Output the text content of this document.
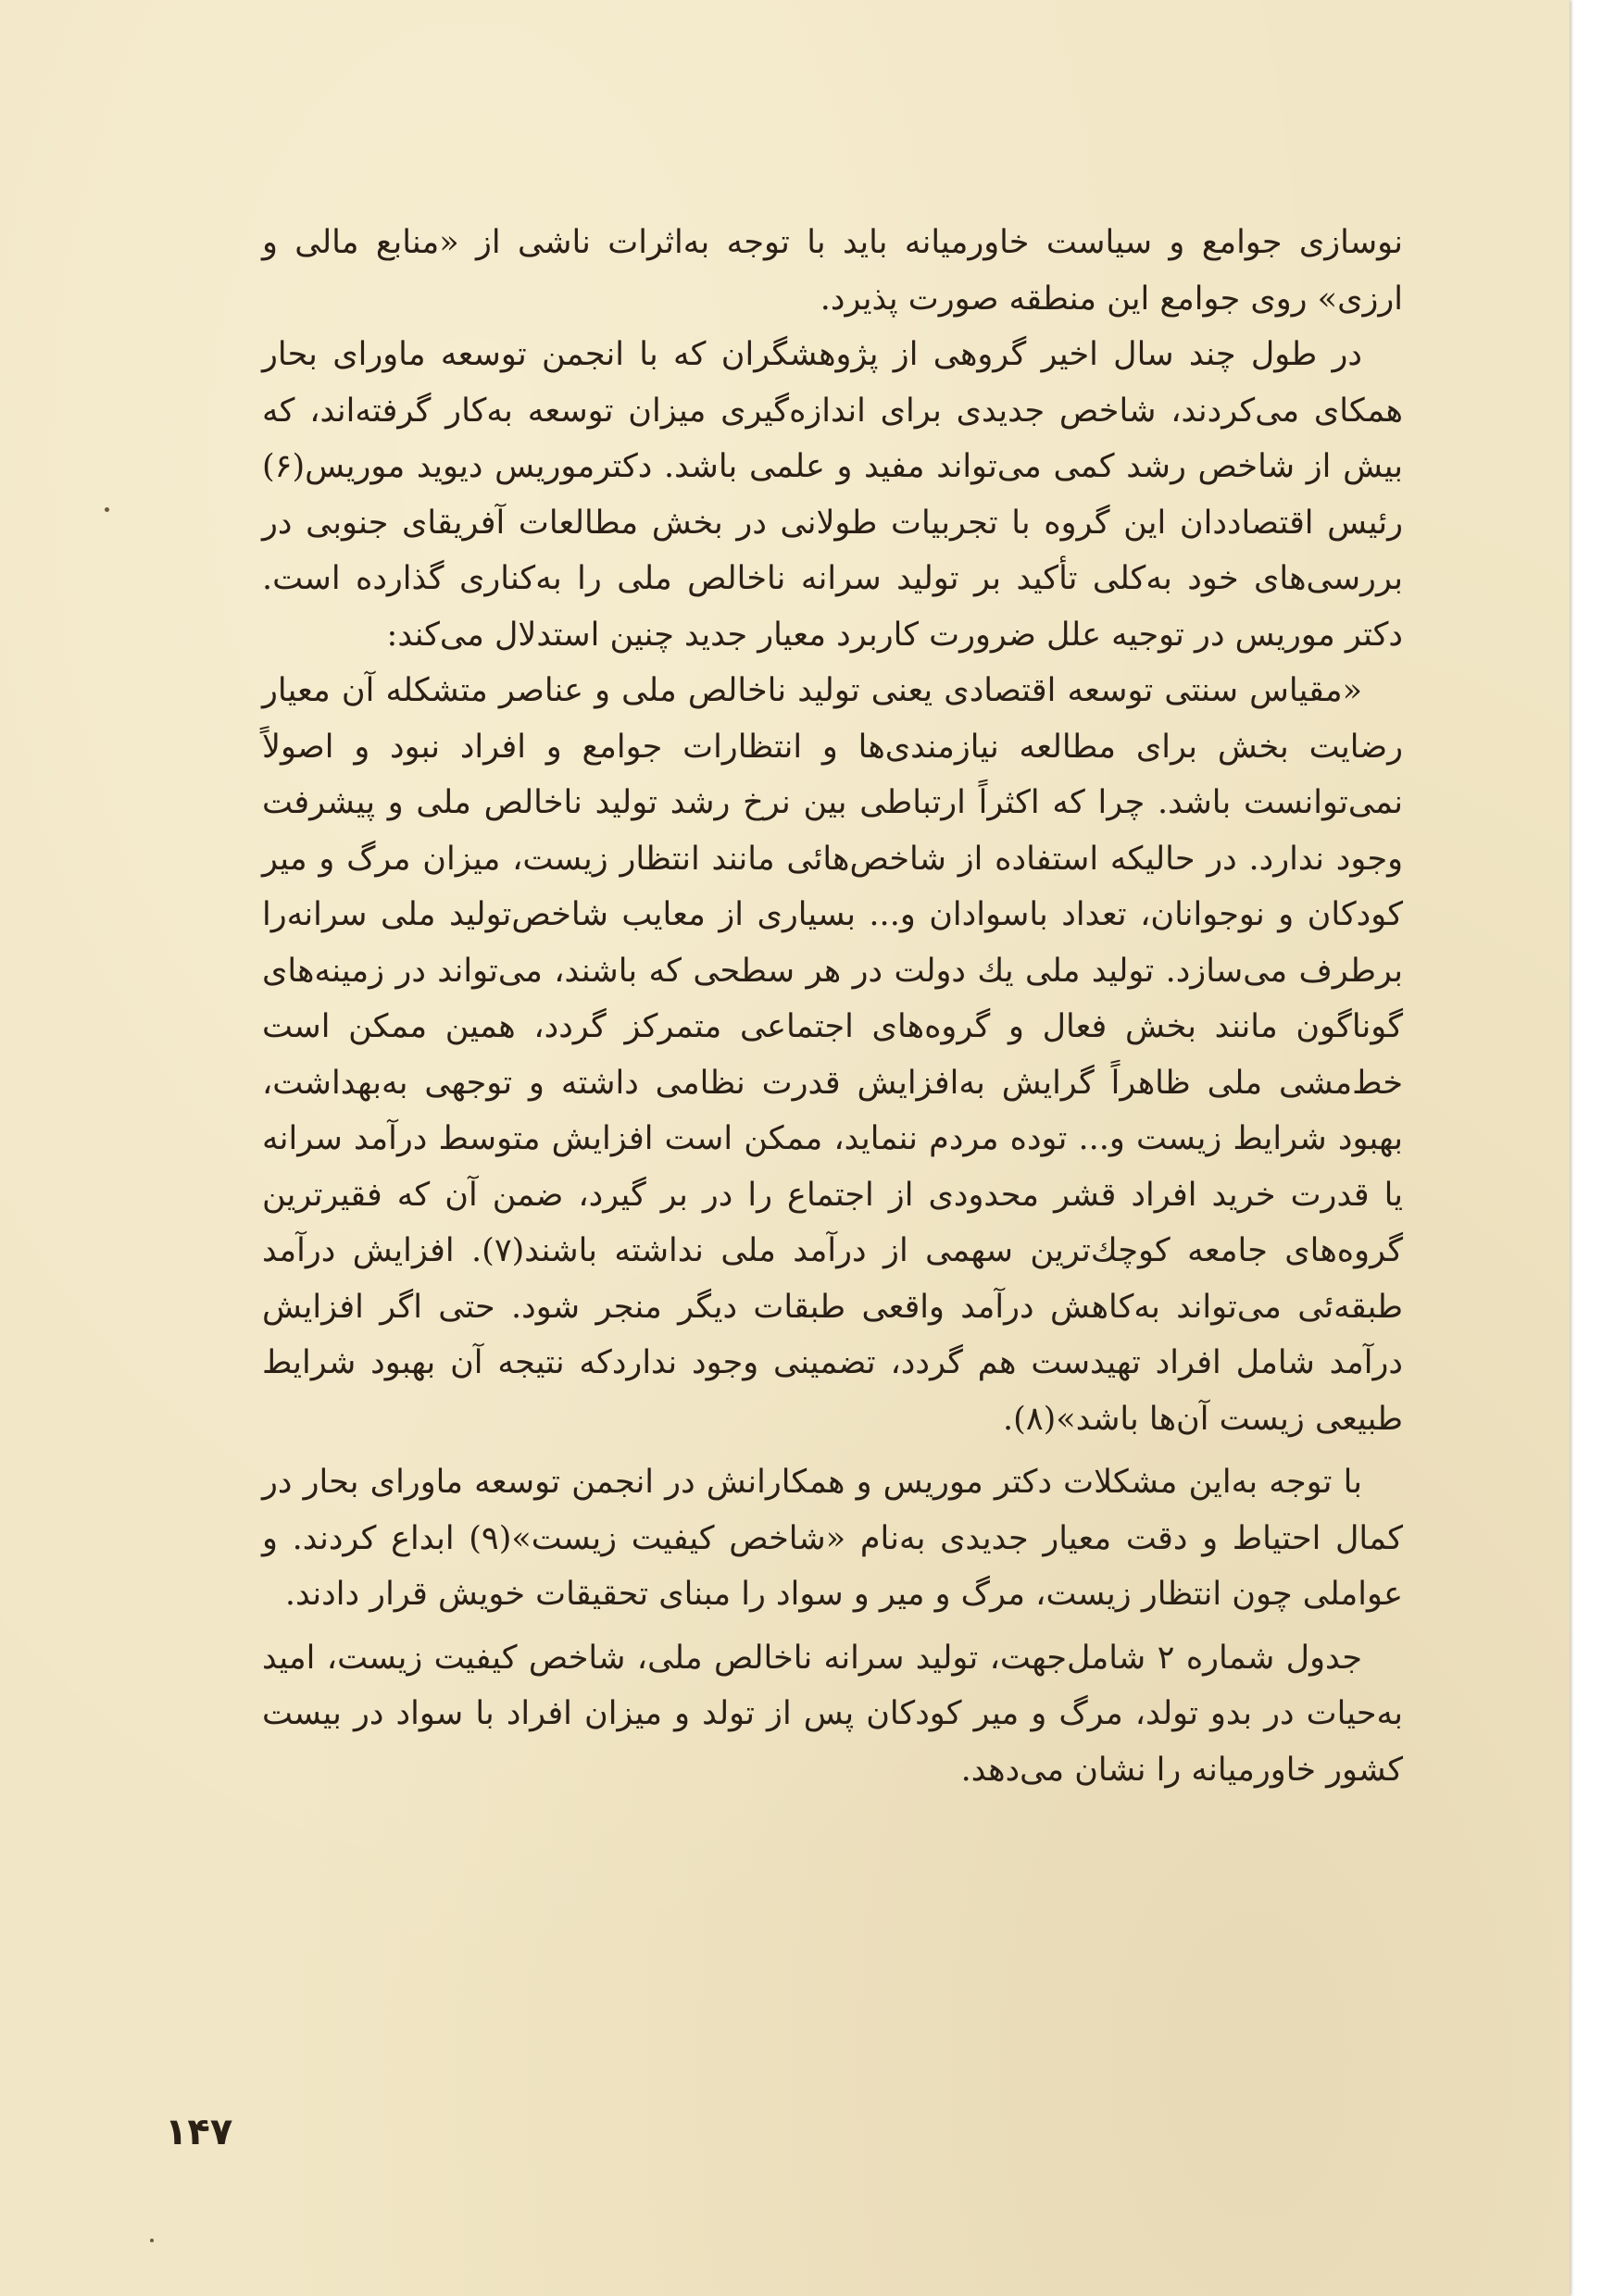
نوسازی جوامع و سیاست خاورمیانه باید با توجه به‌اثرات ناشی از «منابع مالی و ارزی» روی جوامع این منطقه صورت پذیرد.

در طول چند سال اخیر گروهی از پژوهشگران که با انجمن توسعه ماورای بحار همکای می‌کردند، شاخص جدیدی برای اندازه‌گیری میزان توسعه به‌کار گرفته‌اند، که بیش از شاخص رشد کمی می‌تواند مفید و علمی باشد. دکترموریس دیوید موریس(۶) رئیس اقتصاددان این گروه با تجربیات طولانی در بخش مطالعات آفریقای جنوبی در بررسی‌های خود به‌کلی تأکید بر تولید سرانه ناخالص ملی را به‌کناری گذارده است. دکتر موریس در توجیه علل ضرورت کاربرد معیار جدید چنین استدلال می‌کند:

«مقیاس سنتی توسعه اقتصادی یعنی تولید ناخالص ملی و عناصر متشکله آن معیار رضایت بخش برای مطالعه نیازمندی‌ها و انتظارات جوامع و افراد نبود و اصولاً نمی‌توانست باشد. چرا که اکثراً ارتباطی بین نرخ رشد تولید ناخالص ملی و پیشرفت وجود ندارد. در حالیکه استفاده از شاخص‌هائی مانند انتظار زیست، میزان مرگ و میر کودکان و نوجوانان، تعداد باسوادان و... بسیاری از معایب شاخص‌تولید ملی سرانه‌را برطرف می‌سازد. تولید ملی یك دولت در هر سطحی که باشند، می‌تواند در زمینه‌های گوناگون مانند بخش فعال و گروه‌های اجتماعی متمرکز گردد، همین ممکن است خط‌مشی ملی ظاهراً گرایش به‌افزایش قدرت نظامی داشته و توجهی به‌بهداشت، بهبود شرایط زیست و... توده مردم ننماید، ممکن است افزایش متوسط درآمد سرانه یا قدرت خرید افراد قشر محدودی از اجتماع را در بر گیرد، ضمن آن که فقیرترین گروه‌های جامعه کوچك‌ترین سهمی از درآمد ملی نداشته باشند(۷). افزایش درآمد طبقه‌ئی می‌تواند به‌کاهش درآمد واقعی طبقات دیگر منجر شود. حتی اگر افزایش درآمد شامل افراد تهیدست هم گردد، تضمینی وجود نداردکه نتیجه آن بهبود شرایط طبیعی زیست آن‌ها باشد»(۸).

با توجه به‌این مشکلات دکتر موریس و همکارانش در انجمن توسعه ماورای بحار در کمال احتیاط و دقت معیار جدیدی به‌نام «شاخص کیفیت زیست»(۹) ابداع کردند. و عواملی چون انتظار زیست، مرگ و میر و سواد را مبنای تحقیقات خویش قرار دادند.

جدول شماره ۲ شامل‌جهت، تولید سرانه ناخالص ملی، شاخص کیفیت زیست، امید به‌حیات در بدو تولد، مرگ و میر کودکان پس از تولد و میزان افراد با سواد در بیست کشور خاورمیانه را نشان می‌دهد.

۱۴۷
